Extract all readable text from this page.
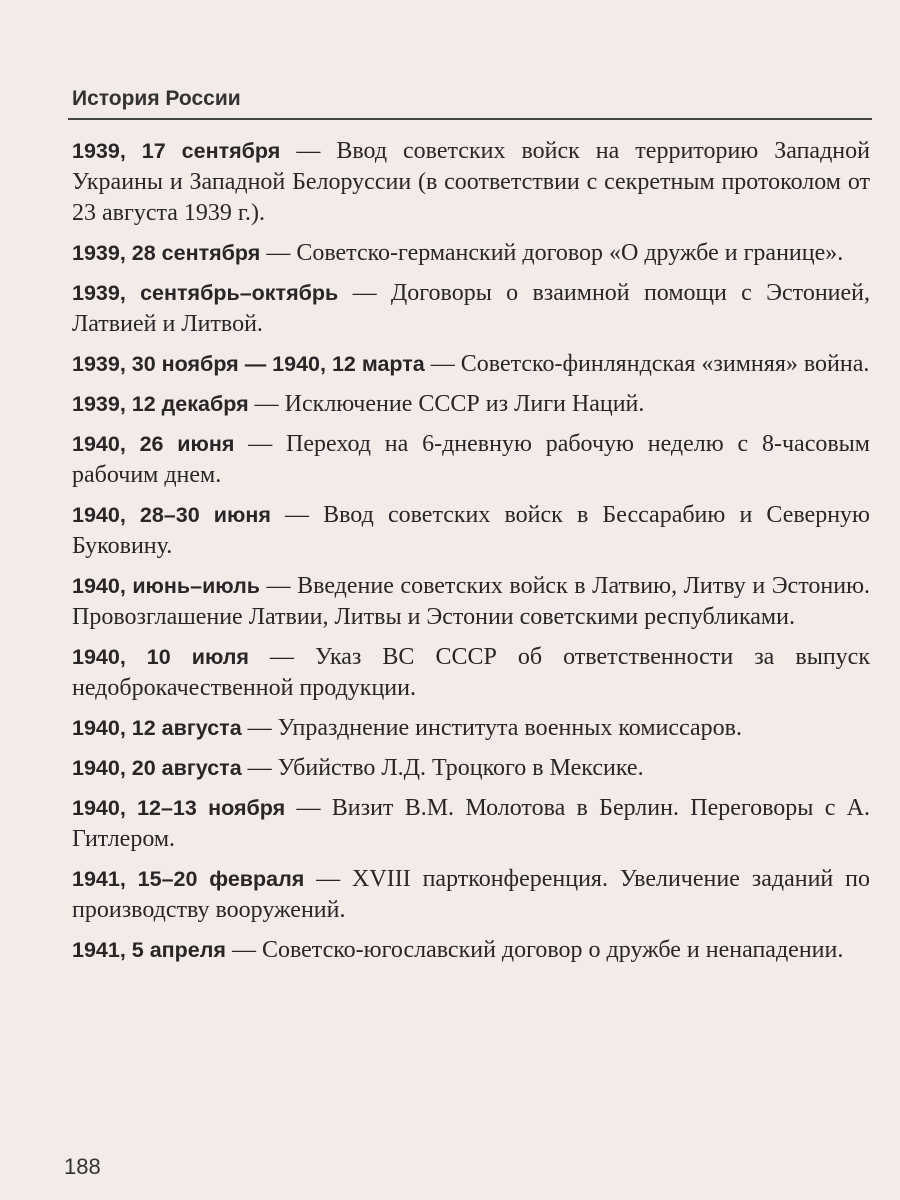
История России

1939, 17 сентября — Ввод советских войск на территорию Западной Украины и Западной Белоруссии (в соответствии с секретным протоколом от 23 августа 1939 г.).

1939, 28 сентября — Советско-германский договор «О дружбе и границе».

1939, сентябрь–октябрь — Договоры о взаимной помощи с Эстонией, Латвией и Литвой.

1939, 30 ноября — 1940, 12 марта — Советско-финляндская «зимняя» война.

1939, 12 декабря — Исключение СССР из Лиги Наций.

1940, 26 июня — Переход на 6-дневную рабочую неделю с 8-часовым рабочим днем.

1940, 28–30 июня — Ввод советских войск в Бессарабию и Северную Буковину.

1940, июнь–июль — Введение советских войск в Латвию, Литву и Эстонию. Провозглашение Латвии, Литвы и Эстонии советскими республиками.

1940, 10 июля — Указ ВС СССР об ответственности за выпуск недоброкачественной продукции.

1940, 12 августа — Упразднение института военных комиссаров.

1940, 20 августа — Убийство Л.Д. Троцкого в Мексике.

1940, 12–13 ноября — Визит В.М. Молотова в Берлин. Переговоры с А. Гитлером.

1941, 15–20 февраля — XVIII партконференция. Увеличение заданий по производству вооружений.

1941, 5 апреля — Советско-югославский договор о дружбе и ненападении.

188
